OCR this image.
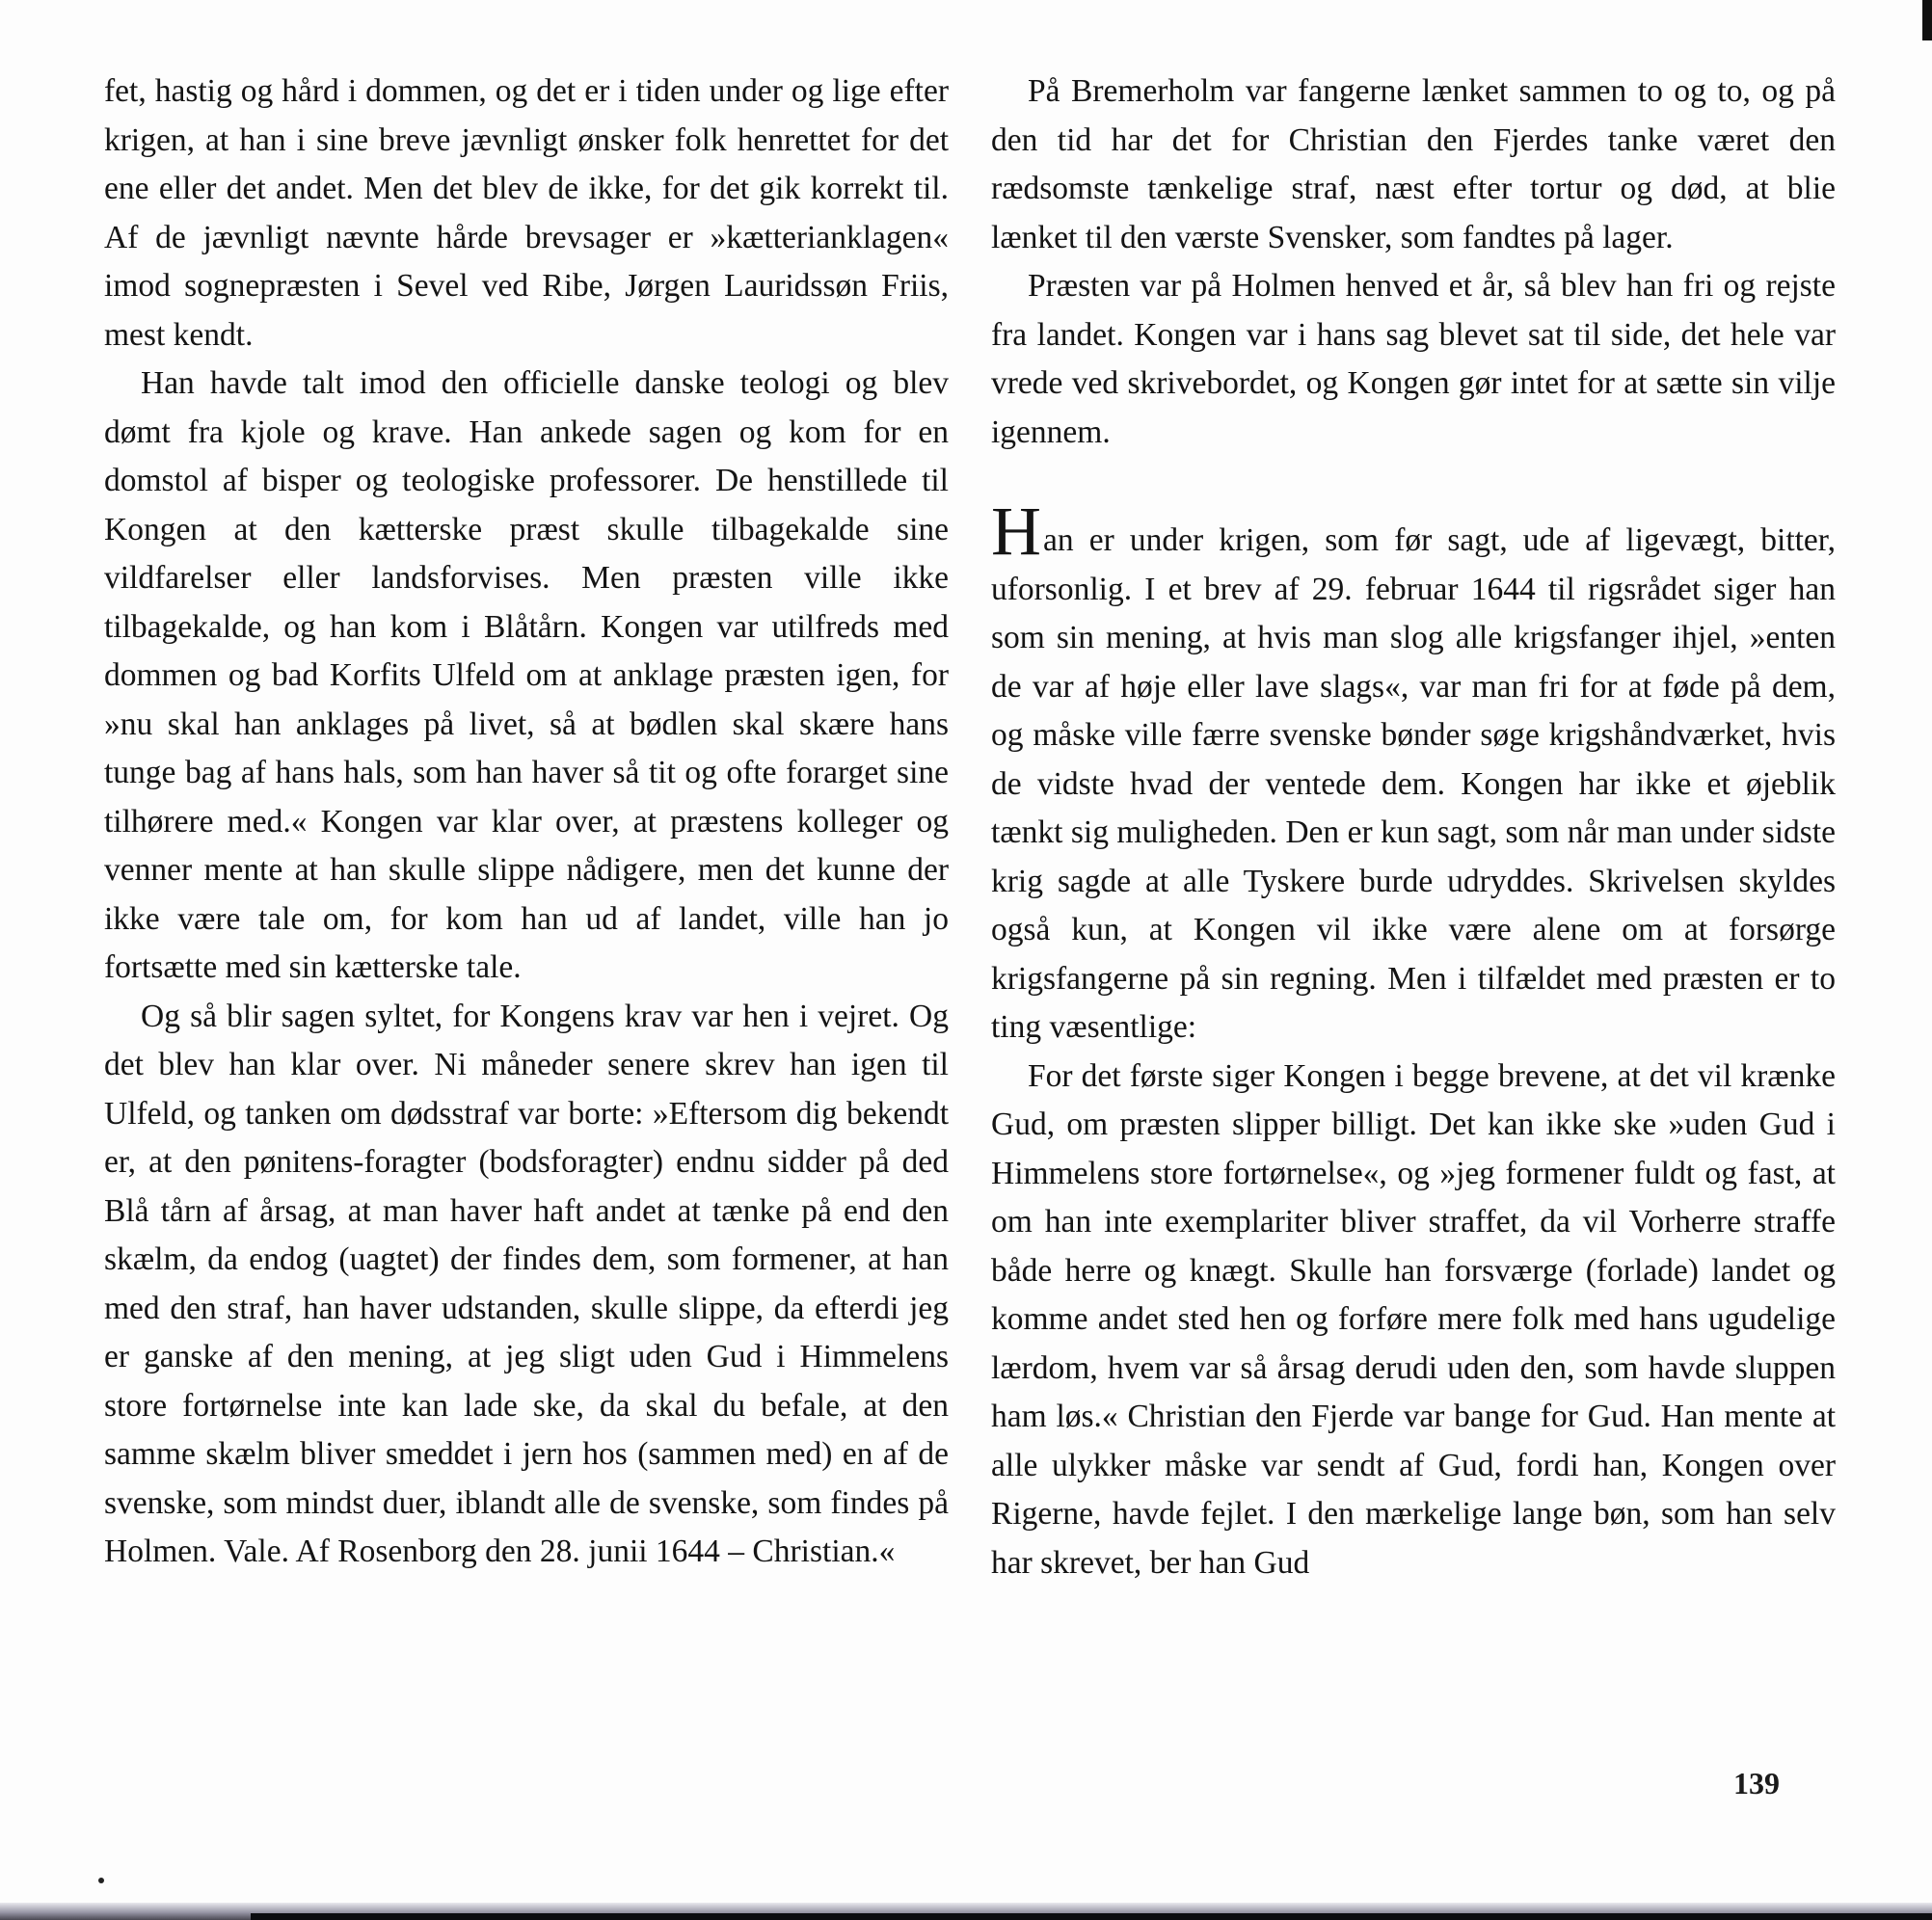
fet, hastig og hård i dommen, og det er i tiden under og lige efter krigen, at han i sine breve jævnligt ønsker folk henrettet for det ene eller det andet. Men det blev de ikke, for det gik korrekt til. Af de jævnligt nævnte hårde brevsager er »kætterianklagen« imod sognepræsten i Sevel ved Ribe, Jørgen Lauridssøn Friis, mest kendt.

Han havde talt imod den officielle danske teologi og blev dømt fra kjole og krave. Han ankede sagen og kom for en domstol af bisper og teologiske professorer. De henstillede til Kongen at den kætterske præst skulle tilbagekalde sine vildfarelser eller landsforvises. Men præsten ville ikke tilbagekalde, og han kom i Blåtårn. Kongen var utilfreds med dommen og bad Korfits Ulfeld om at anklage præsten igen, for »nu skal han anklages på livet, så at bødlen skal skære hans tunge bag af hans hals, som han haver så tit og ofte forarget sine tilhørere med.« Kongen var klar over, at præstens kolleger og venner mente at han skulle slippe nådigere, men det kunne der ikke være tale om, for kom han ud af landet, ville han jo fortsætte med sin kætterske tale.

Og så blir sagen syltet, for Kongens krav var hen i vejret. Og det blev han klar over. Ni måneder senere skrev han igen til Ulfeld, og tanken om dødsstraf var borte: »Eftersom dig bekendt er, at den pønitens-foragter (bodsforagter) endnu sidder på ded Blå tårn af årsag, at man haver haft andet at tænke på end den skælm, da endog (uagtet) der findes dem, som formener, at han med den straf, han haver udstanden, skulle slippe, da efterdi jeg er ganske af den mening, at jeg sligt uden Gud i Himmelens store fortørnelse inte kan lade ske, da skal du befale, at den samme skælm bliver smeddet i jern hos (sammen med) en af de svenske, som mindst duer, iblandt alle de svenske, som findes på Holmen. Vale. Af Rosenborg den 28. junii 1644 – Christian.«

På Bremerholm var fangerne lænket sammen to og to, og på den tid har det for Christian den Fjerdes tanke været den rædsomste tænkelige straf, næst efter tortur og død, at blie lænket til den værste Svensker, som fandtes på lager.

Præsten var på Holmen henved et år, så blev han fri og rejste fra landet. Kongen var i hans sag blevet sat til side, det hele var vrede ved skrivebordet, og Kongen gør intet for at sætte sin vilje igennem.

Han er under krigen, som før sagt, ude af ligevægt, bitter, uforsonlig. I et brev af 29. februar 1644 til rigsrådet siger han som sin mening, at hvis man slog alle krigsfanger ihjel, »enten de var af høje eller lave slags«, var man fri for at føde på dem, og måske ville færre svenske bønder søge krigshåndværket, hvis de vidste hvad der ventede dem. Kongen har ikke et øjeblik tænkt sig muligheden. Den er kun sagt, som når man under sidste krig sagde at alle Tyskere burde udryddes. Skrivelsen skyldes også kun, at Kongen vil ikke være alene om at forsørge krigsfangerne på sin regning. Men i tilfældet med præsten er to ting væsentlige:

For det første siger Kongen i begge brevene, at det vil krænke Gud, om præsten slipper billigt. Det kan ikke ske »uden Gud i Himmelens store fortørnelse«, og »jeg formener fuldt og fast, at om han inte exemplariter bliver straffet, da vil Vorherre straffe både herre og knægt. Skulle han forsværge (forlade) landet og komme andet sted hen og forføre mere folk med hans ugudelige lærdom, hvem var så årsag derudi uden den, som havde sluppen ham løs.« Christian den Fjerde var bange for Gud. Han mente at alle ulykker måske var sendt af Gud, fordi han, Kongen over Rigerne, havde fejlet. I den mærkelige lange bøn, som han selv har skrevet, ber han Gud

139
